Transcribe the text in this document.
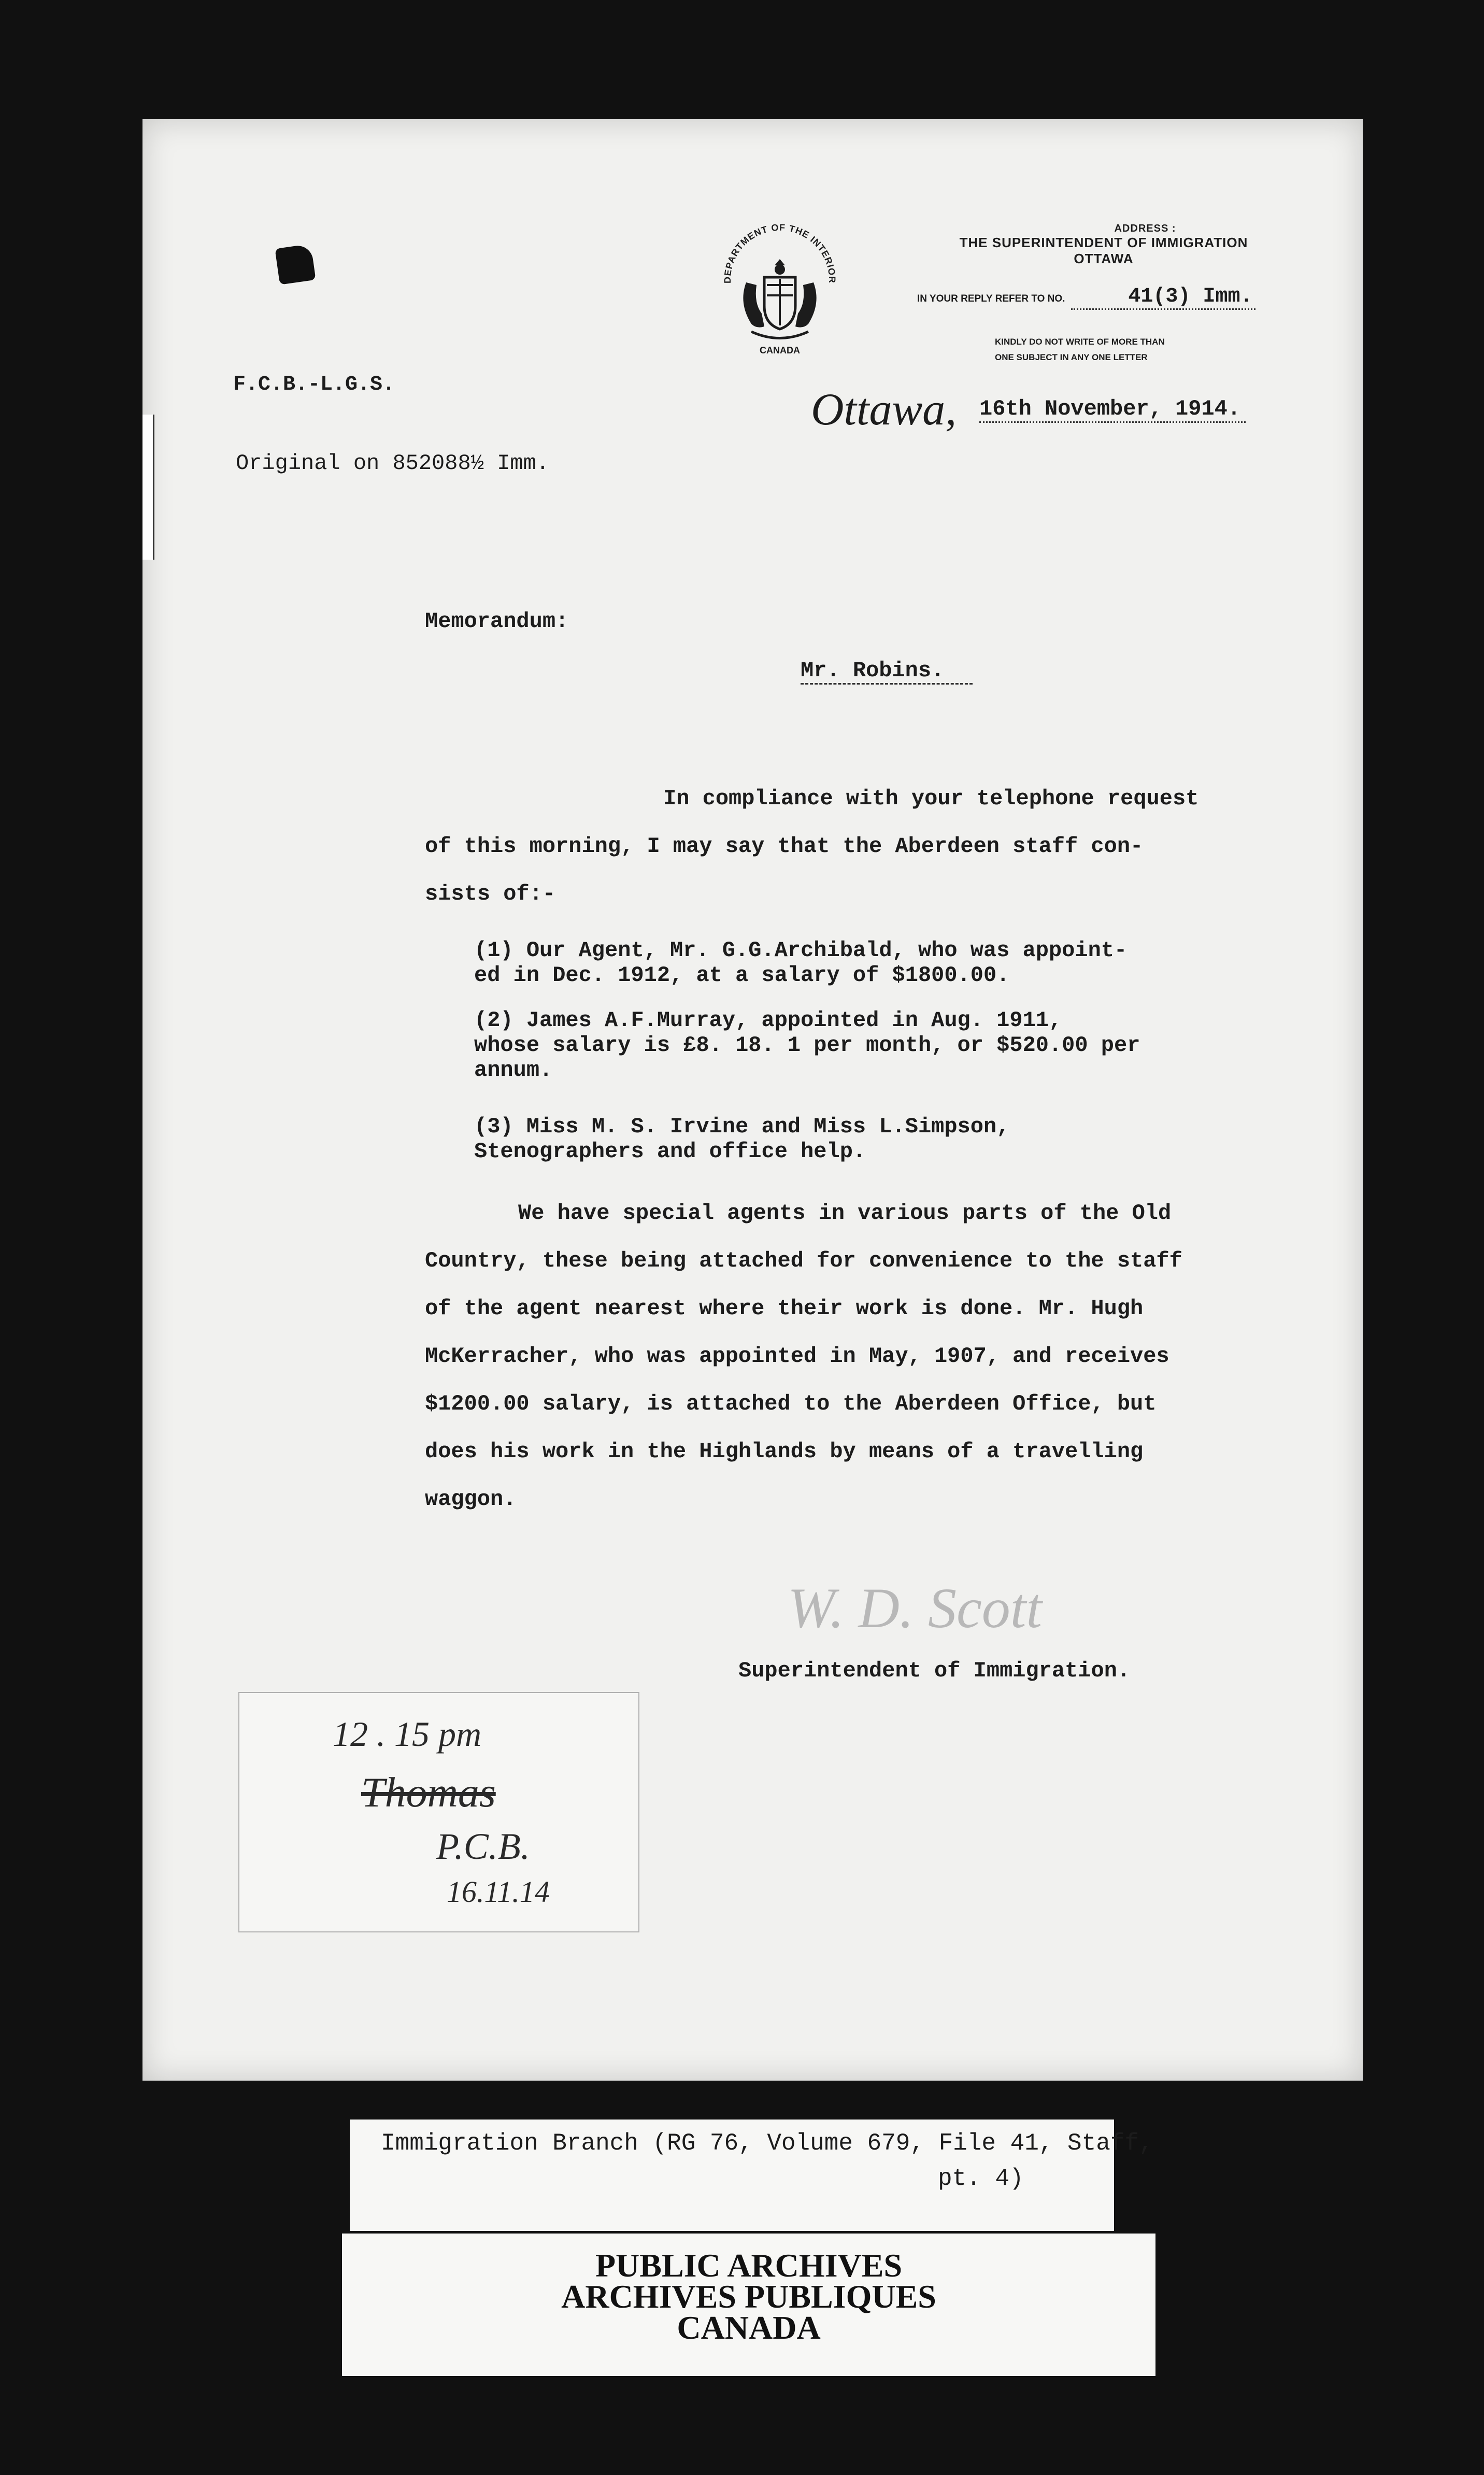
DEPARTMENT OF THE INTERIOR
CANADA
ADDRESS :
THE SUPERINTENDENT OF IMMIGRATION
OTTAWA
IN YOUR REPLY REFER TO NO.	41(3) Imm.
KINDLY DO NOT WRITE OF MORE THAN
ONE SUBJECT IN ANY ONE LETTER
F.C.B.-L.G.S.
Original on 852088½ Imm.
Ottawa, 16th November, 1914.
Memorandum:
Mr. Robins.
In compliance with your telephone request
of this morning, I may say that the Aberdeen staff con-
sists of:-
(1) Our Agent, Mr. G.G.Archibald, who was appoint-
ed in Dec. 1912, at a salary of $1800.00.
(2) James A.F.Murray, appointed in Aug. 1911,
whose salary is £8. 18. 1 per month, or $520.00 per
annum.
(3) Miss M. S. Irvine and Miss L.Simpson,
Stenographers and office help.
We have special agents in various parts of the Old
Country, these being attached for convenience to the staff
of the agent nearest where their work is done. Mr. Hugh
McKerracher, who was appointed in May, 1907, and receives
$1200.00 salary, is attached to the Aberdeen Office, but
does his work in the Highlands by means of a travelling
waggon.
W. D. Scott
Superintendent of Immigration.
12 . 15 pm
Thomas
P.C.B.
16.11.14
Immigration Branch (RG 76, Volume 679, File 41, Staff,
pt. 4)
PUBLIC ARCHIVES
ARCHIVES PUBLIQUES
CANADA
